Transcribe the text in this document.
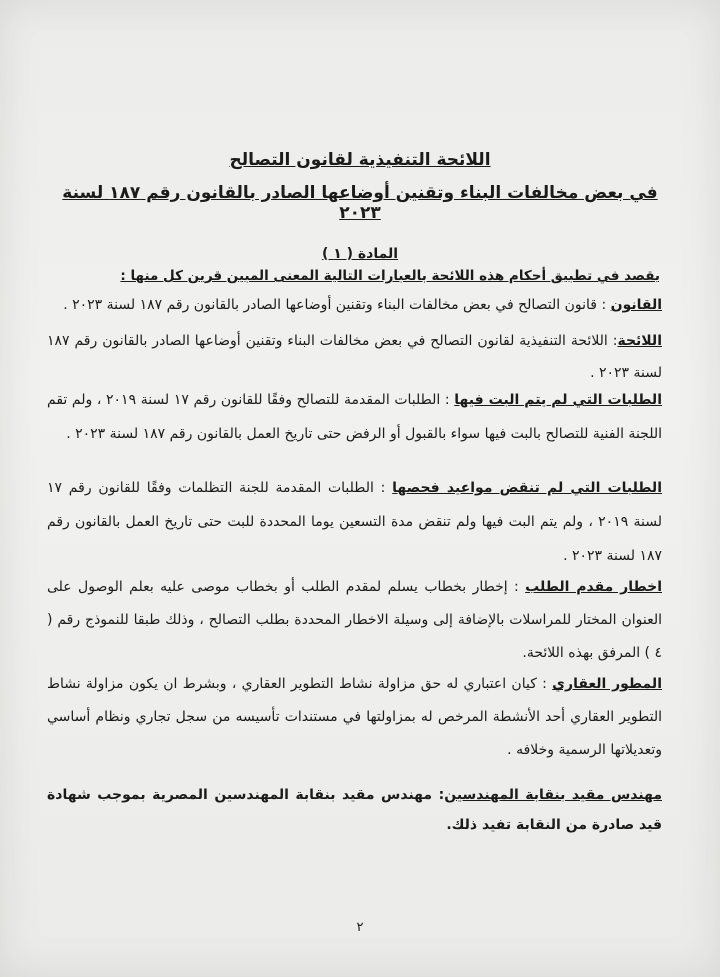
اللائحة التنفيذية لقانون التصالح
في بعض مخالفات البناء وتقنين أوضاعها الصادر بالقانون رقم ١٨٧ لسنة ٢٠٢٣
المادة ( ١ )
يقصد في تطبيق أحكام هذه اللائحة بالعبارات التالية المعنى المبين قرين كل منها :
القانون : قانون التصالح في بعض مخالفات البناء وتقنين أوضاعها الصادر بالقانون رقم ١٨٧ لسنة ٢٠٢٣ .
اللائحة: اللائحة التنفيذية لقانون التصالح في بعض مخالفات البناء وتقنين أوضاعها الصادر بالقانون رقم ١٨٧ لسنة ٢٠٢٣ .
الطلبات التي لم يتم البت فيها : الطلبات المقدمة للتصالح وفقًا للقانون رقم ١٧ لسنة ٢٠١٩ ، ولم تقم اللجنة الفنية للتصالح بالبت فيها سواء بالقبول أو الرفض حتى تاريخ العمل بالقانون رقم ١٨٧ لسنة ٢٠٢٣ .
الطلبات التي لم تنقض مواعيد فحصها : الطلبات المقدمة للجنة التظلمات وفقًا للقانون رقم ١٧ لسنة ٢٠١٩ ، ولم يتم البت فيها ولم تنقض مدة التسعين يوما المحددة للبت حتى تاريخ العمل بالقانون رقم ١٨٧ لسنة ٢٠٢٣ .
اخطار مقدم الطلب : إخطار بخطاب يسلم لمقدم الطلب أو بخطاب موصى عليه بعلم الوصول على العنوان المختار للمراسلات بالإضافة إلى وسيلة الاخطار المحددة بطلب التصالح ، وذلك طبقا للنموذج رقم ( ٤ ) المرفق بهذه اللائحة.
المطور العقاري : كيان اعتباري له حق مزاولة نشاط التطوير العقاري ، وبشرط ان يكون مزاولة نشاط التطوير العقاري أحد الأنشطة المرخص له بمزاولتها في مستندات تأسيسه من سجل تجاري ونظام أساسي وتعديلاتها الرسمية وخلافه .
مهندس مقيد بنقابة المهندسين: مهندس مقيد بنقابة المهندسين المصرية بموجب شهادة قيد صادرة من النقابة تفيد ذلك.
٢
